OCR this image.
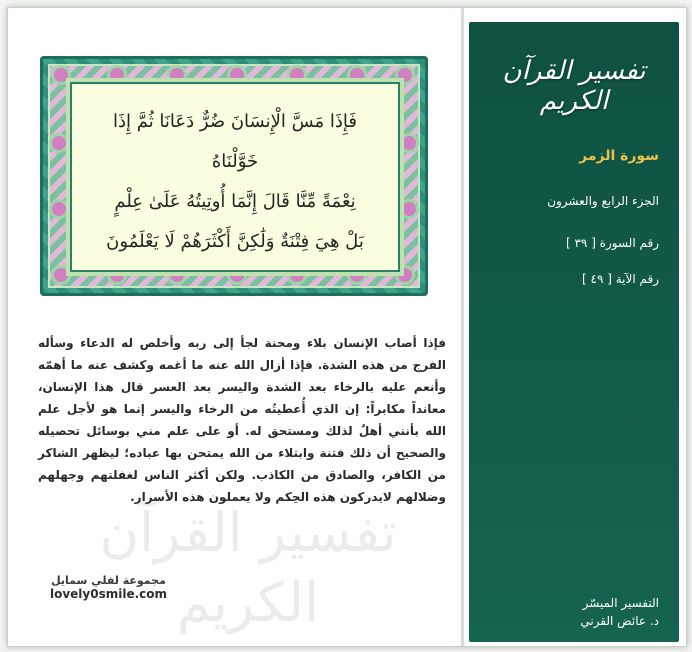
تفسير القرآن الكريم
فَإِذَا مَسَّ الْإِنسَانَ ضُرٌّ دَعَانَا ثُمَّ إِذَا خَوَّلْنَاهُ
نِعْمَةً مِّنَّا قَالَ إِنَّمَا أُوتِيتُهُ عَلَىٰ عِلْمٍ
بَلْ هِيَ فِتْنَةٌ وَلَٰكِنَّ أَكْثَرَهُمْ لَا يَعْلَمُونَ
فإذا أصاب الإنسان بلاء ومحنة لجأ إلى ربه وأخلص له الدعاء وسأله الفرج من هذه الشدة. فإذا أزال الله عنه ما أغمه وكشف عنه ما أهمّه وأنعم عليه بالرخاء بعد الشدة واليسر بعد العسر قال هذا الإنسان، معانداً مكابراً: إن الذي أُعطيتُه من الرخاء واليسر إنما هو لأجل علم الله بأنني أهلٌ لذلك ومستحق له. أو على علم مني بوسائل تحصيله والصحيح أن ذلك فتنة وابتلاء من الله يمتحن بها عباده؛ ليظهر الشاكر من الكافر، والصادق من الكاذب. ولكن أكثر الناس لغفلتهم وجهلهم وضلالهم لايدركون هذه الحِكم ولا يعملون هذه الأسرار.
مجموعة لفلي سمايل
lovely0smile.com
تفسير القرآن الكريم
سورة الزمر
الجزء الرابع والعشرون
رقم السورة [ ٣٩ ]
رقم الآية [ ٤٩ ]
التفسير الميسّر
د. عائض القرني
